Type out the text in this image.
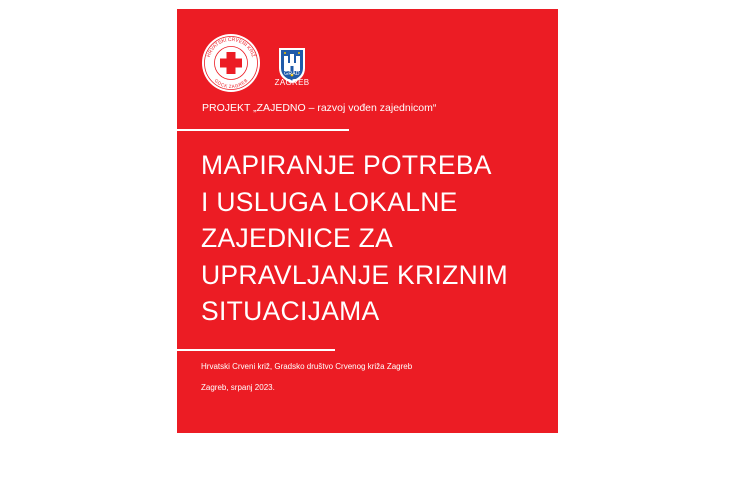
HRVATSKI CRVENI KRIŽ
GDCK ZAGREB
GRAD
ZAGREB
PROJEKT „ZAJEDNO – razvoj vođen zajednicom“
MAPIRANJE POTREBA
I USLUGA LOKALNE
ZAJEDNICE ZA
UPRAVLJANJE KRIZNIM
SITUACIJAMA
Hrvatski Crveni križ, Gradsko društvo Crvenog križa Zagreb
Zagreb, srpanj 2023.
